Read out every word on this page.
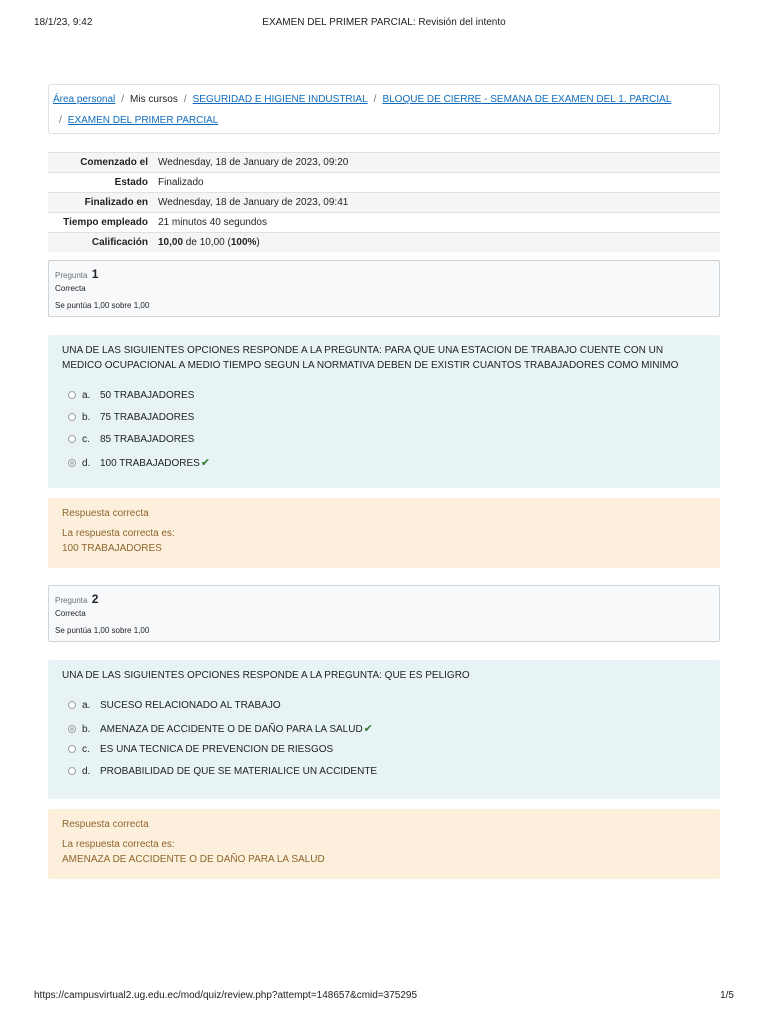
18/1/23, 9:42	EXAMEN DEL PRIMER PARCIAL: Revisión del intento
Área personal / Mis cursos / SEGURIDAD E HIGIENE INDUSTRIAL / BLOQUE DE CIERRE - SEMANA DE EXAMEN DEL 1. PARCIAL
/ EXAMEN DEL PRIMER PARCIAL
Comenzado el	Wednesday, 18 de January de 2023, 09:20
Estado	Finalizado
Finalizado en	Wednesday, 18 de January de 2023, 09:41
Tiempo empleado	21 minutos 40 segundos
Calificación	10,00 de 10,00 (100%)
Pregunta 1
Correcta
Se puntúa 1,00 sobre 1,00
UNA DE LAS SIGUIENTES OPCIONES RESPONDE A LA PREGUNTA: PARA QUE UNA ESTACION DE TRABAJO CUENTE CON UN MEDICO OCUPACIONAL A MEDIO TIEMPO SEGUN LA NORMATIVA DEBEN DE EXISTIR CUANTOS TRABAJADORES COMO MINIMO
a. 50 TRABAJADORES
b. 75 TRABAJADORES
c. 85 TRABAJADORES
d. 100 TRABAJADORES✔
Respuesta correcta
La respuesta correcta es:
100 TRABAJADORES
Pregunta 2
Correcta
Se puntúa 1,00 sobre 1,00
UNA DE LAS SIGUIENTES OPCIONES RESPONDE A LA PREGUNTA: QUE ES PELIGRO
a. SUCESO RELACIONADO AL TRABAJO
b. AMENAZA DE ACCIDENTE O DE DAÑO PARA LA SALUD✔
c. ES UNA TECNICA DE PREVENCION DE RIESGOS
d. PROBABILIDAD DE QUE SE MATERIALICE UN ACCIDENTE
Respuesta correcta
La respuesta correcta es:
AMENAZA DE ACCIDENTE O DE DAÑO PARA LA SALUD
https://campusvirtual2.ug.edu.ec/mod/quiz/review.php?attempt=148657&cmid=375295	1/5
